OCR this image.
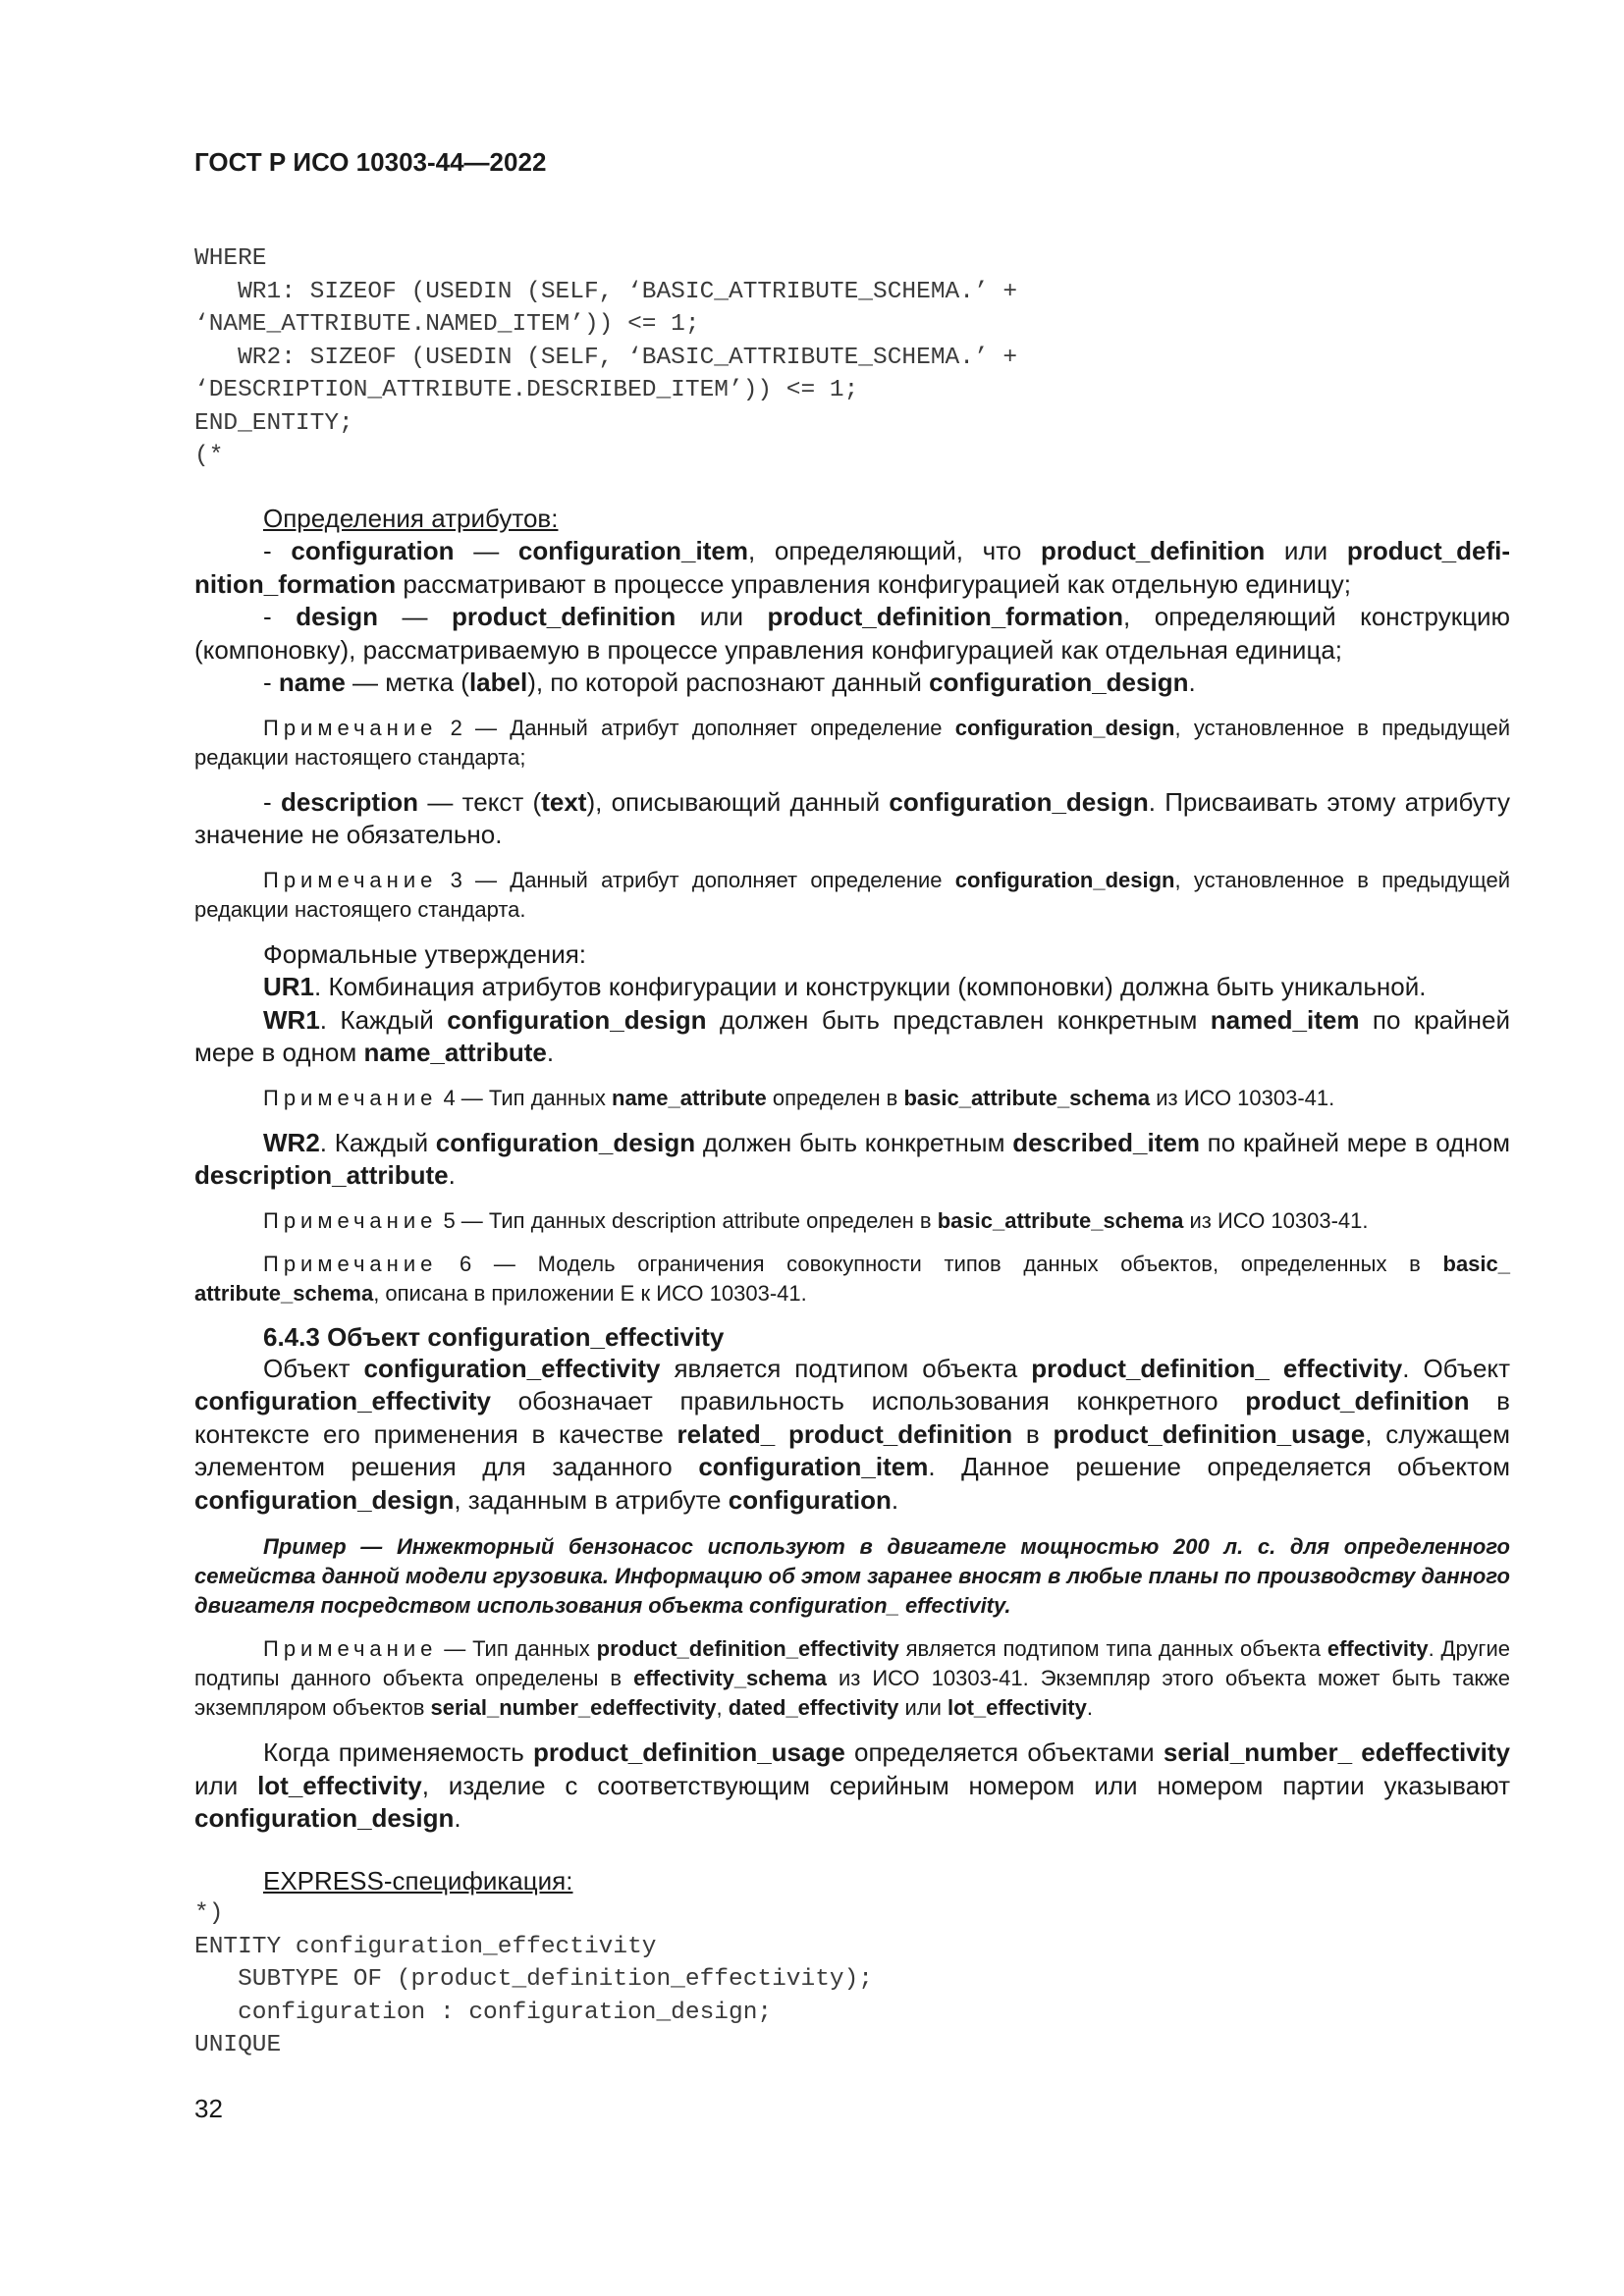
ГОСТ Р ИСО 10303-44—2022
WHERE
WR1: SIZEOF (USEDIN (SELF, ‘BASIC_ATTRIBUTE_SCHEMA.’ +
‘NAME_ATTRIBUTE.NAMED_ITEM’)) <= 1;
WR2: SIZEOF (USEDIN (SELF, ‘BASIC_ATTRIBUTE_SCHEMA.’ +
‘DESCRIPTION_ATTRIBUTE.DESCRIBED_ITEM’)) <= 1;
END_ENTITY;
(*

Определения атрибутов:

- configuration — configuration_item, определяющий, что product_definition или product_definition_formation рассматривают в процессе управления конфигурацией как отдельную единицу;

- design — product_definition или product_definition_formation, определяющий конструкцию (компоновку), рассматриваемую в процессе управления конфигурацией как отдельная единица;

- name — метка (label), по которой распознают данный configuration_design.

Примечание 2 — Данный атрибут дополняет определение configuration_design, установленное в предыдущей редакции настоящего стандарта;

- description — текст (text), описывающий данный configuration_design. Присваивать этому атрибуту значение не обязательно.

Примечание 3 — Данный атрибут дополняет определение configuration_design, установленное в предыдущей редакции настоящего стандарта.

Формальные утверждения:

UR1. Комбинация атрибутов конфигурации и конструкции (компоновки) должна быть уникальной.

WR1. Каждый configuration_design должен быть представлен конкретным named_item по крайней мере в одном name_attribute.

Примечание 4 — Тип данных name_attribute определен в basic_attribute_schema из ИСО 10303-41.

WR2. Каждый configuration_design должен быть конкретным described_item по крайней мере в одном description_attribute.

Примечание 5 — Тип данных description attribute определен в basic_attribute_schema из ИСО 10303-41.

Примечание 6 — Модель ограничения совокупности типов данных объектов, определенных в basic_ attribute_schema, описана в приложении E к ИСО 10303-41.

6.4.3 Объект configuration_effectivity

Объект configuration_effectivity является подтипом объекта product_definition_ effectivity. Объект configuration_effectivity обозначает правильность использования конкретного product_definition в контексте его применения в качестве related_ product_definition в product_definition_usage, служащем элементом решения для заданного configuration_item. Данное решение определяется объектом configuration_design, заданным в атрибуте configuration.

Пример — Инжекторный бензонасос используют в двигателе мощностью 200 л. с. для определенного семейства данной модели грузовика. Информацию об этом заранее вносят в любые планы по производству данного двигателя посредством использования объекта configuration_ effectivity.

Примечание — Тип данных product_definition_effectivity является подтипом типа данных объекта effectivity. Другие подтипы данного объекта определены в effectivity_schema из ИСО 10303-41. Экземпляр этого объекта может быть также экземпляром объектов serial_number_edeffectivity, dated_effectivity или lot_effectivity.

Когда применяемость product_definition_usage определяется объектами serial_number_ edeffectivity или lot_effectivity, изделие с соответствующим серийным номером или номером партии указывают configuration_design.

EXPRESS-спецификация:

*)
ENTITY configuration_effectivity
SUBTYPE OF (product_definition_effectivity);
configuration : configuration_design;
UNIQUE
32
